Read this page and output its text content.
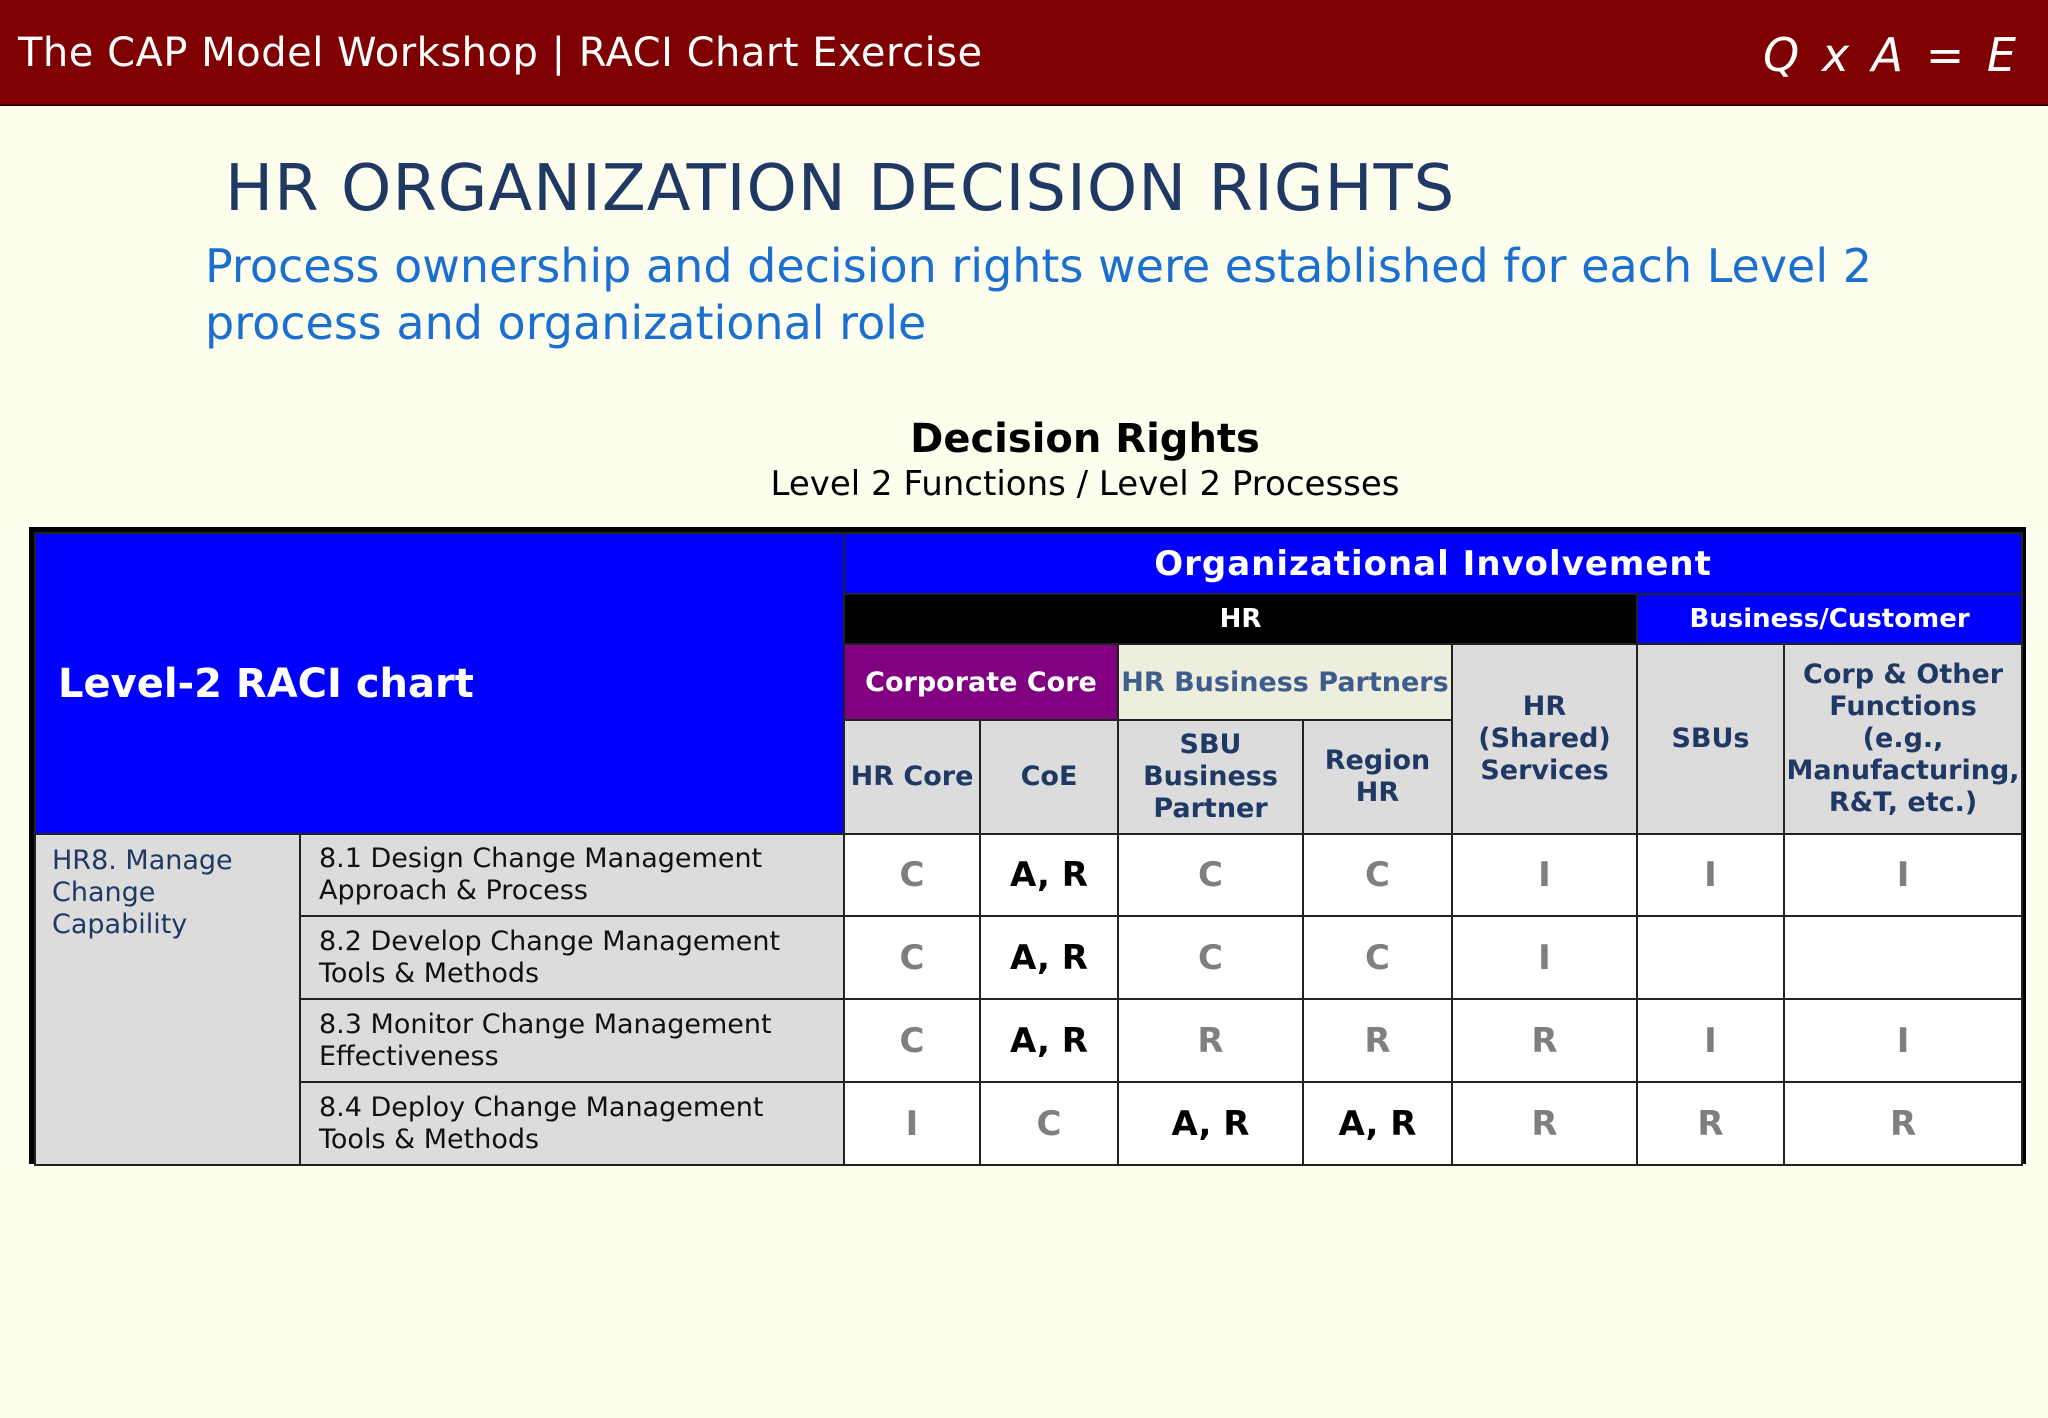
The CAP Model Workshop | RACI Chart Exercise	Q x A = E
HR ORGANIZATION DECISION RIGHTS
Process ownership and decision rights were established for each Level 2 process and organizational role
Decision Rights
Level 2 Functions / Level 2 Processes
Level-2 RACI chart		Organizational Involvement						
		HR					Business/Customer	
		Corporate Core		HR Business Partners		HR (Shared) Services	SBUs	Corp & Other Functions (e.g., Manufacturing, R&T, etc.)
		HR Core	CoE	SBU Business Partner	Region HR			
HR8. Manage Change Capability	8.1 Design Change Management Approach & Process	C	A, R	C	C	I	I	I
	8.2 Develop Change Management Tools & Methods	C	A, R	C	C	I		
	8.3 Monitor Change Management Effectiveness	C	A, R	R	R	R	I	I
	8.4 Deploy Change Management Tools & Methods	I	C	A, R	A, R	R	R	R
